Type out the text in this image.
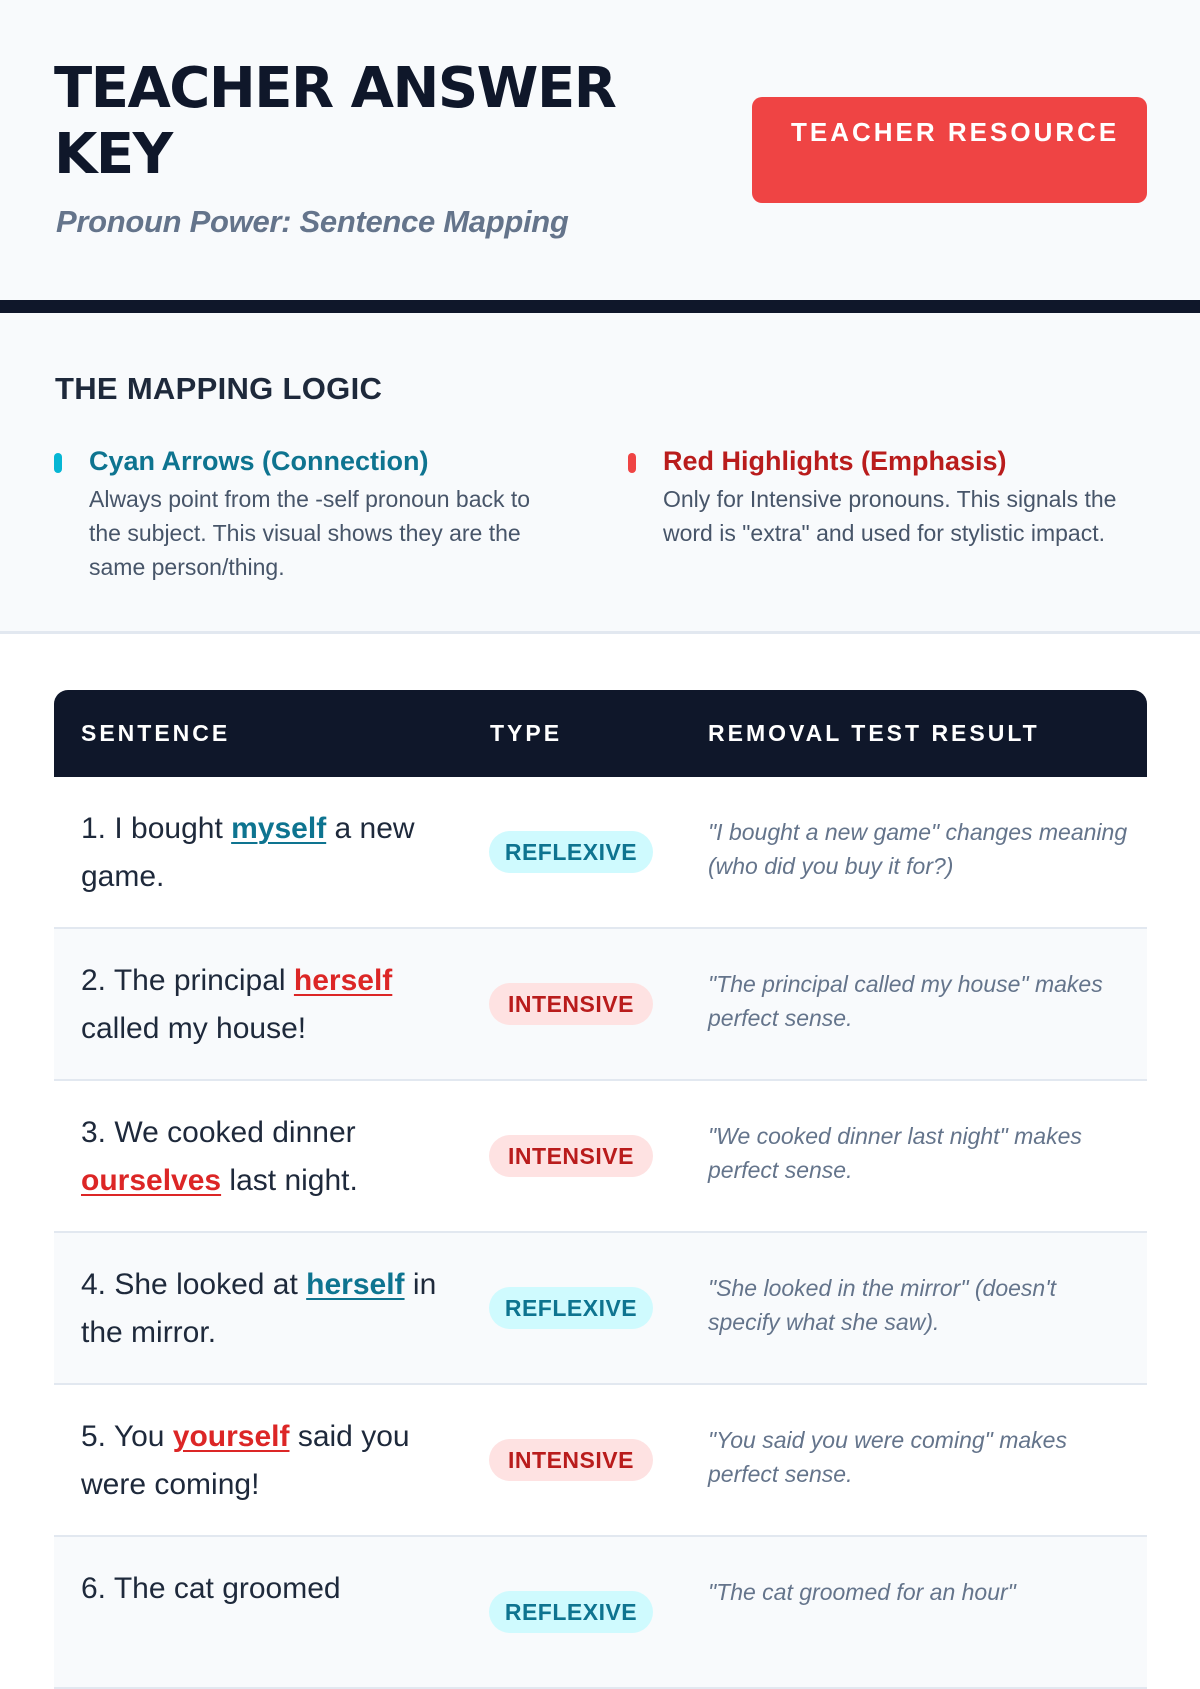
TEACHER ANSWER KEY
Pronoun Power: Sentence Mapping
TEACHER RESOURCE
THE MAPPING LOGIC
Cyan Arrows (Connection)

Always point from the -self pronoun back to the subject. This visual shows they are the same person/thing.

Red Highlights (Emphasis)

Only for Intensive pronouns. This signals the word is "extra" and used for stylistic impact.

SENTENCE	TYPE	REMOVAL TEST RESULT
1. I bought myself a new game.
REFLEXIVE
"I bought a new game" changes meaning (who did you buy it for?)
2. The principal herself called my house!
INTENSIVE
"The principal called my house" makes perfect sense.
3. We cooked dinner ourselves last night.
INTENSIVE
"We cooked dinner last night" makes perfect sense.
4. She looked at herself in the mirror.
REFLEXIVE
"She looked in the mirror" (doesn't specify what she saw).
5. You yourself said you were coming!
INTENSIVE
"You said you were coming" makes perfect sense.
6. The cat groomed
REFLEXIVE
"The cat groomed for an hour"
